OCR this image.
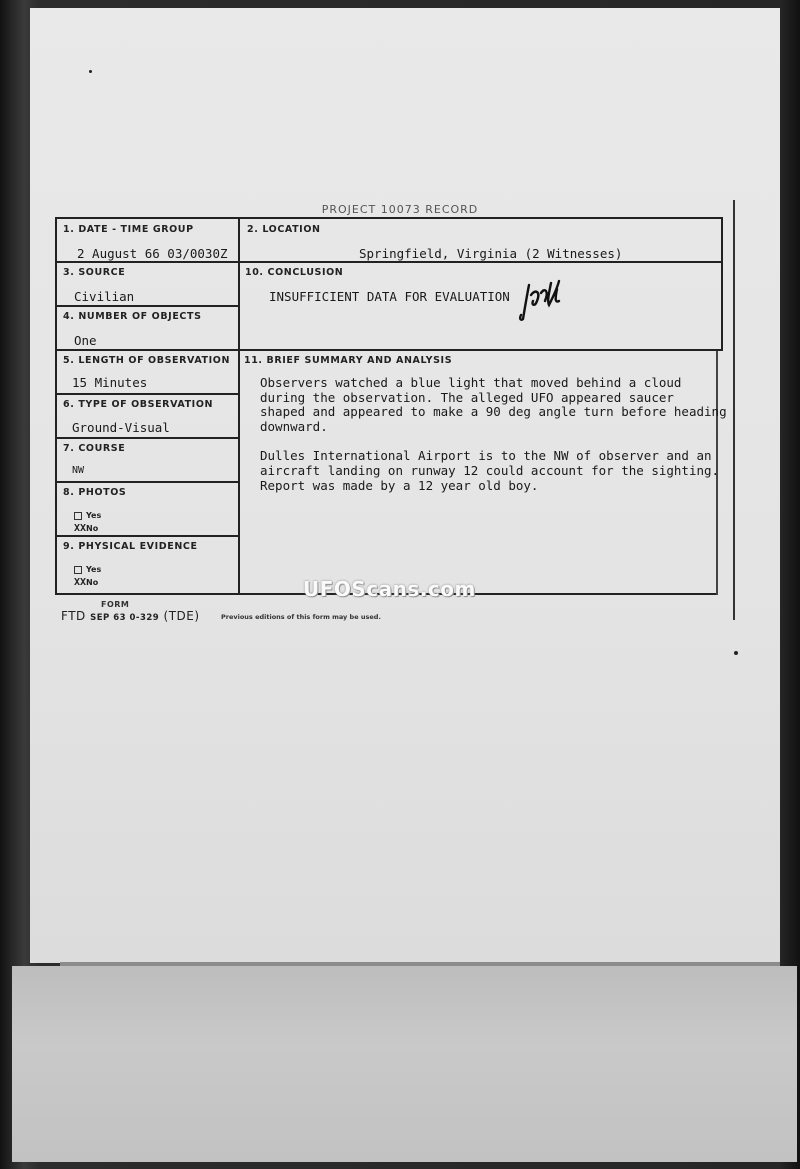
PROJECT 10073 RECORD
1. DATE - TIME GROUP
2 August 66 03/0030Z
2. LOCATION
Springfield, Virginia (2 Witnesses)
3. SOURCE
Civilian
10. CONCLUSION
INSUFFICIENT DATA FOR EVALUATION
4. NUMBER OF OBJECTS
One
5. LENGTH OF OBSERVATION
15 Minutes
11. BRIEF SUMMARY AND ANALYSIS
Observers watched a blue light that moved behind a cloud
during the observation. The alleged UFO appeared saucer
shaped and appeared to make a 90 deg angle turn before heading
downward.
Dulles International Airport is to the NW of observer and an
aircraft landing on runway 12 could account for the sighting.
Report was made by a 12 year old boy.
6. TYPE OF OBSERVATION
Ground-Visual
7. COURSE
NW
8. PHOTOS
Yes
XXNo
9. PHYSICAL EVIDENCE
Yes
XXNo
FORM
FTD SEP 63 0-329 (TDE)	Previous editions of this form may be used.
UFOScans.com
